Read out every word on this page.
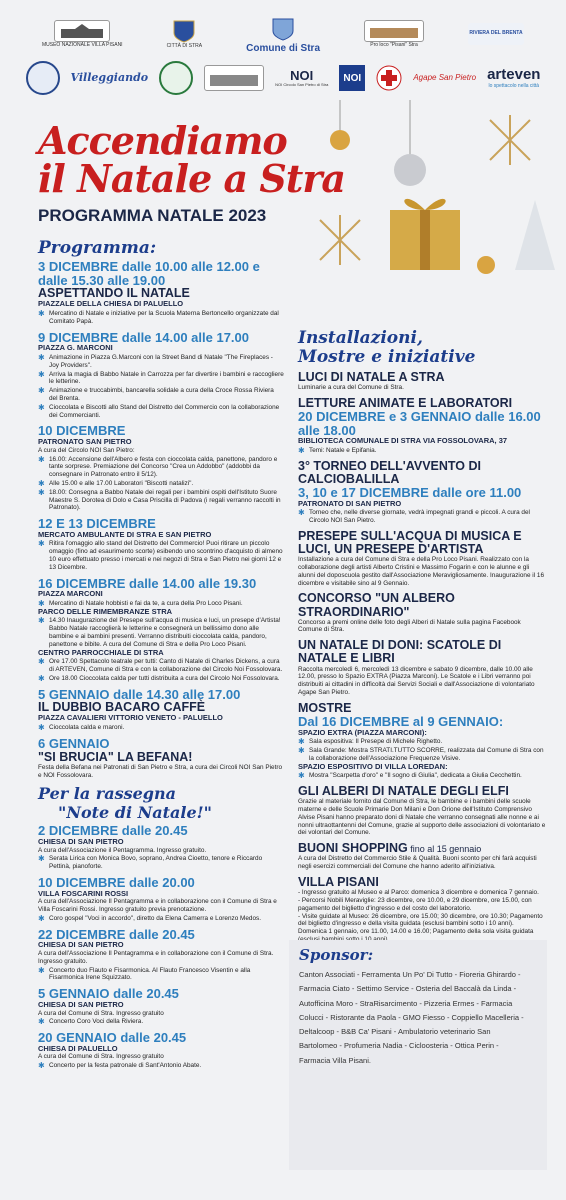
MUSEO NAZIONALE VILLA PISANI	CITTÀ DI STRA	Comune di Stra	Pro loco "Pisani" Stra
RIVIERA DEL BRENTA
Villeggiando	NOI
NOI Circolo San Pietro di Stra
NOI	Agape San Pietro arteven
lo spettacolo nella città
Accendiamo
il Natale a Stra
PROGRAMMA NATALE 2023
Programma:
3 DICEMBRE dalle 10.00 alle 12.00 e dalle 15.30 alle 19.00
ASPETTANDO IL NATALE
PIAZZALE DELLA CHIESA DI PALUELLO
✱ Mercatino di Natale e iniziative per la Scuola Materna Bertoncello organizzate dal Comitato Papà.
9 DICEMBRE dalle 14.00 alle 17.00
PIAZZA G. MARCONI
✱ Animazione in Piazza G.Marconi con la Street Band di Natale "The Fireplaces - Joy Providers".
✱ Arriva la magia di Babbo Natale in Carrozza per far divertire i bambini e raccogliere le letterine.
✱ Animazione e truccabimbi, bancarella solidale a cura della Croce Rossa Riviera del Brenta.
✱ Cioccolata e Biscotti allo Stand del Distretto del Commercio con la collaborazione dei Commercianti.
10 DICEMBRE
PATRONATO SAN PIETRO
A cura del Circolo NOI San Pietro:
✱ 16.00: Accensione dell'Albero e festa con cioccolata calda, panettone, pandoro e tante sorprese. Premiazione del Concorso "Crea un Addobbo" (addobbi da consegnare in Patronato entro il 5/12).
✱ Alle 15.00 e alle 17.00 Laboratori "Biscotti natalizi".
✱ 18.00: Consegna a Babbo Natale dei regali per i bambini ospiti dell'Istituto Suore Maestre S. Dorotea di Dolo e Casa Priscilla di Padova (i regali verranno raccolti in Patronato).
12 E 13 DICEMBRE
MERCATO AMBULANTE DI STRA E SAN PIETRO
✱ Ritira l'omaggio allo stand del Distretto del Commercio! Puoi ritirare un piccolo omaggio (fino ad esaurimento scorte) esibendo uno scontrino d'acquisto di almeno 10 euro effettuato presso i mercati e nei negozi di Stra e San Pietro nei giorni 12 e 13 Dicembre.
16 DICEMBRE dalle 14.00 alle 19.30
PIAZZA MARCONI
✱ Mercatino di Natale hobbisti e fai da te, a cura della Pro Loco Pisani.
PARCO DELLE RIMEMBRANZE STRA
✱ 14.30 Inaugurazione del Presepe sull'acqua di musica e luci, un presepe d'Artista! Babbo Natale raccoglierà le letterine e consegnerà un bellissimo dono alle bambine e ai bambini presenti. Verranno distribuiti cioccolata calda, pandoro, panettone e bibite. A cura del Comune di Stra e della Pro Loco Pisani.
CENTRO PARROCCHIALE DI STRA
✱ Ore 17.00 Spettacolo teatrale per tutti: Canto di Natale di Charles Dickens, a cura di ARTEVEN, Comune di Stra e con la collaborazione del Circolo Noi Fossolovara.
✱ Ore 18.00 Cioccolata calda per tutti distribuita a cura del Circolo Noi Fossolovara.
5 GENNAIO dalle 14.30 alle 17.00
IL DUBBIO BACARO CAFFÈ
PIAZZA CAVALIERI VITTORIO VENETO - PALUELLO
✱ Cioccolata calda e maroni.
6 GENNAIO
"SI BRUCIA" LA BEFANA!
Festa della Befana nei Patronati di San Pietro e Stra, a cura dei Circoli NOI San Pietro e NOI Fossolovara.
Per la rassegna
"Note di Natale!"
2 DICEMBRE dalle 20.45
CHIESA DI SAN PIETRO
A cura dell'Associazione il Pentagramma. Ingresso gratuito.
✱ Serata Lirica con Monica Bovo, soprano, Andrea Cioetto, tenore e Riccardo Pettinà, pianoforte.
10 DICEMBRE dalle 20.00
VILLA FOSCARINI ROSSI
A cura dell'Associazione Il Pentagramma e in collaborazione con il Comune di Stra e Villa Foscarini Rossi. Ingresso gratuito previa prenotazione.
✱ Coro gospel "Voci in accordo", diretto da Elena Camerra e Lorenzo Medos.
22 DICEMBRE dalle 20.45
CHIESA DI SAN PIETRO
A cura dell'Associazione Il Pentagramma e in collaborazione con il Comune di Stra. Ingresso gratuito.
✱ Concerto duo Flauto e Fisarmonica. Al Flauto Francesco Visentin e alla Fisarmonica Irene Squizzato.
5 GENNAIO dalle 20.45
CHIESA DI SAN PIETRO
A cura del Comune di Stra. Ingresso gratuito
✱ Concerto Coro Voci della Riviera.
20 GENNAIO dalle 20.45
CHIESA DI PALUELLO
A cura del Comune di Stra. Ingresso gratuito
✱ Concerto per la festa patronale di Sant'Antonio Abate.
Installazioni,
Mostre e iniziative
LUCI DI NATALE A STRA
Luminarie a cura del Comune di Stra.
LETTURE ANIMATE E LABORATORI
20 DICEMBRE e 3 GENNAIO dalle 16.00 alle 18.00
BIBLIOTECA COMUNALE DI STRA VIA FOSSOLOVARA, 37
✱ Temi: Natale e Epifania.
3° TORNEO DELL'AVVENTO DI CALCIOBALILLA
3, 10 e 17 DICEMBRE dalle ore 11.00
PATRONATO DI SAN PIETRO
✱ Torneo che, nelle diverse giornate, vedrà impegnati grandi e piccoli. A cura del Circolo NOI San Pietro.
PRESEPE SULL'ACQUA DI MUSICA E LUCI, UN PRESEPE D'ARTISTA
Installazione a cura del Comune di Stra e della Pro Loco Pisani. Realizzato con la collaborazione degli artisti Alberto Cristini e Massimo Fogarin e con le alunne e gli alunni del doposcuola gestito dall'Associazione Meravigliosamente. Inaugurazione il 16 dicembre e visitabile sino al 9 Gennaio.
CONCORSO "UN ALBERO STRAORDINARIO"
Concorso a premi online delle foto degli Alberi di Natale sulla pagina Facebook Comune di Stra.
UN NATALE DI DONI: SCATOLE DI NATALE E LIBRI
Raccolta mercoledì 6, mercoledì 13 dicembre e sabato 9 dicembre, dalle 10.00 alle 12.00, presso lo Spazio EXTRA (Piazza Marconi). Le Scatole e i Libri verranno poi distribuiti ai cittadini in difficoltà dai Servizi Sociali e dall'Associazione di volontariato Agape San Pietro.
MOSTRE
Dal 16 DICEMBRE al 9 GENNAIO:
SPAZIO EXTRA (PIAZZA MARCONI):
✱ Sala espositiva: Il Presepe di Michele Righetto.
✱ Sala Grande: Mostra STRATI.TUTTO SCORRE, realizzata dal Comune di Stra con la collaborazione dell'Associazione Frequenze Visive.
SPAZIO ESPOSITIVO DI VILLA LOREDAN:
✱ Mostra "Scarpetta d'oro" e "Il sogno di Giulia", dedicata a Giulia Cecchettin.
GLI ALBERI DI NATALE DEGLI ELFI
Grazie al materiale fornito dal Comune di Stra, le bambine e i bambini delle scuole materne e delle Scuole Primarie Don Milani e Don Orione dell'Istituto Comprensivo Alvise Pisani hanno preparato doni di Natale che verranno consegnati alle nonne e ai nonni ultraottantenni del Comune, grazie al supporto delle associazioni di volontariato e dei volontari del Comune.
BUONI SHOPPING fino al 15 gennaio
A cura del Distretto del Commercio Stile & Qualità. Buoni sconto per chi farà acquisti negli esercizi commerciali del Comune che hanno aderito all'iniziativa.
VILLA PISANI
- Ingresso gratuito al Museo e al Parco: domenica 3 dicembre e domenica 7 gennaio.
- Percorsi Nobili Meraviglie: 23 dicembre, ore 10.00, e 29 dicembre, ore 15.00, con pagamento del biglietto d'ingresso e del costo del laboratorio.
- Visite guidate al Museo: 26 dicembre, ore 15.00; 30 dicembre, ore 10.30; Pagamento del biglietto d'ingresso e della visita guidata (esclusi bambini sotto i 10 anni).
Domenica 1 gennaio, ore 11.00, 14.00 e 16.00; Pagamento della sola visita guidata
Sponsor:
Canton Associati - Ferramenta Un Po' Di Tutto - Fioreria Ghirardo -
Farmacia Ciato - Settimo Service - Osteria del Baccalà da Linda -
Autofficina Moro - StraRisarcimento - Pizzeria Ermes - Farmacia
Colucci - Ristorante da Paola - GMO Fiesso - Coppiello Macelleria -
Deltalcoop - B&B Ca' Pisani - Ambulatorio veterinario San
Bartolomeo - Profumeria Nadia - Cicloosteria - Ottica Perin -
Farmacia Villa Pisani.
